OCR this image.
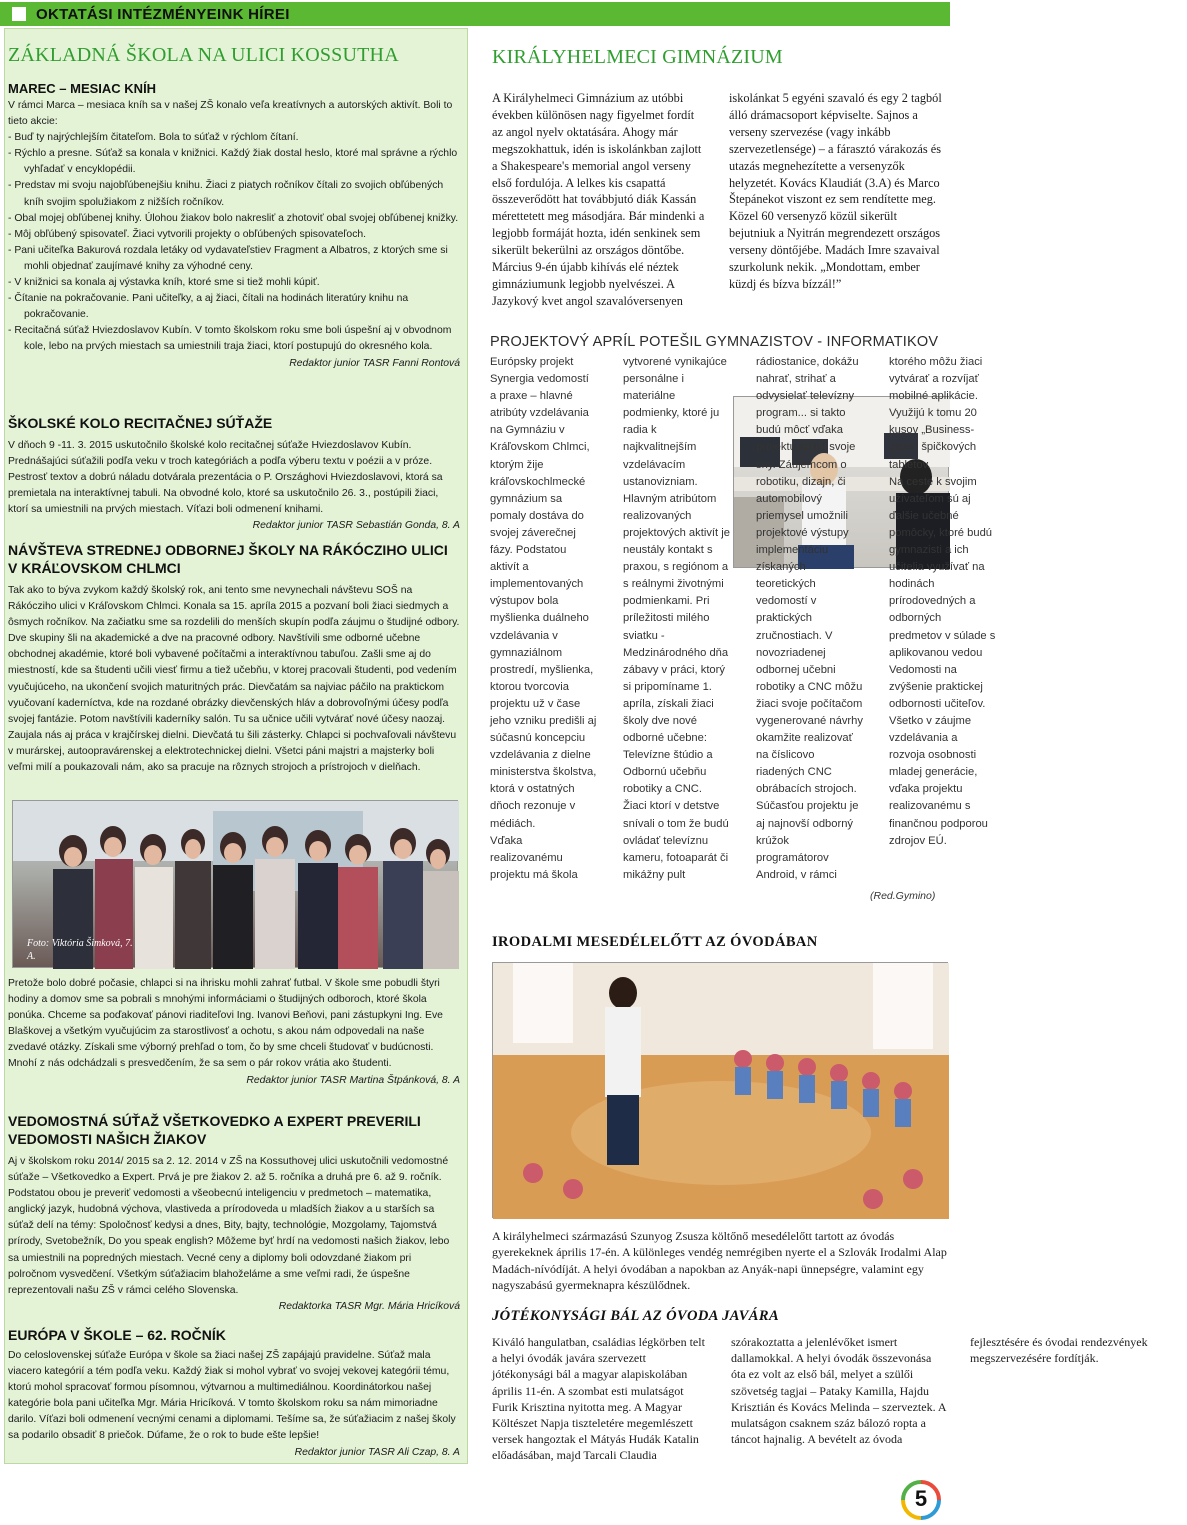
OKTATÁSI INTÉZMÉNYEINK HÍREI
ZÁKLADNÁ ŠKOLA NA ULICI KOSSUTHA
MAREC – MESIAC KNÍH
V rámci Marca – mesiaca kníh sa v našej ZŠ konalo veľa kreatívnych a autorských aktivít. Boli to tieto akcie:
- Buď ty najrýchlejším čitateľom. Bola to súťaž v rýchlom čítaní.
- Rýchlo a presne. Súťaž sa konala v knižnici. Každý žiak dostal heslo, ktoré mal správne a rýchlo vyhľadať v encyklopédii.
- Predstav mi svoju najobľúbenejšiu knihu. Žiaci z piatych ročníkov čítali zo svojich obľúbených kníh svojim spolužiakom z nižších ročníkov.
- Obal mojej obľúbenej knihy. Úlohou žiakov bolo nakresliť a zhotoviť obal svojej obľúbenej knižky.
- Môj obľúbený spisovateľ. Žiaci vytvorili projekty o obľúbených spisovateľoch.
- Pani učiteľka Bakurová rozdala letáky od vydavateľstiev Fragment a Albatros, z ktorých sme si mohli objednať zaujímavé knihy za výhodné ceny.
- V knižnici sa konala aj výstavka kníh, ktoré sme si tiež mohli kúpiť.
- Čítanie na pokračovanie. Pani učiteľky, a aj žiaci, čítali na hodinách literatúry knihu na pokračovanie.
- Recitačná súťaž Hviezdoslavov Kubín. V tomto školskom roku sme boli úspešní aj v obvodnom kole, lebo na prvých miestach sa umiestnili traja žiaci, ktorí postupujú do okresného kola.
Redaktor junior TASR Fanni Rontová
ŠKOLSKÉ KOLO RECITAČNEJ SÚŤAŽE
V dňoch 9 -11. 3. 2015 uskutočnilo školské kolo recitačnej súťaže Hviezdoslavov Kubín. Prednášajúci súťažili podľa veku v troch kategóriách a podľa výberu textu v poézii a v próze. Pestrosť textov a dobrú náladu dotvárala prezentácia o P. Országhovi Hviezdoslavovi, ktorá sa premietala na interaktívnej tabuli. Na obvodné kolo, ktoré sa uskutočnilo 26. 3., postúpili žiaci, ktorí sa umiestnili na prvých miestach. Víťazi boli odmenení knihami.
Redaktor junior TASR Sebastián Gonda, 8. A
NÁVŠTEVA STREDNEJ ODBORNEJ ŠKOLY NA RÁKÓCZIHO ULICI V KRÁĽOVSKOM CHLMCI
Tak ako to býva zvykom každý školský rok, ani tento sme nevynechali návštevu SOŠ na Rákócziho ulici v Kráľovskom Chlmci. Konala sa 15. apríla 2015 a pozvaní boli žiaci siedmych a ôsmych ročníkov. Na začiatku sme sa rozdelili do menších skupín podľa záujmu o študijné odbory. Dve skupiny šli na akademické a dve na pracovné odbory. Navštívili sme odborné učebne obchodnej akadémie, ktoré boli vybavené počítačmi a interaktívnou tabuľou. Zašli sme aj do miestností, kde sa študenti učili viesť firmu a tiež učebňu, v ktorej pracovali študenti, pod vedením vyučujúceho, na ukončení svojich maturitných prác. Dievčatám sa najviac páčilo na praktickom vyučovaní kaderníctva, kde na rozdané obrázky dievčenských hláv a dobrovoľnými účesy podľa svojej fantázie. Potom navštívili kaderníky salón. Tu sa učnice učili vytvárať nové účesy naozaj. Zaujala nás aj práca v krajčírskej dielni. Dievčatá tu šili zásterky. Chlapci si pochvaľovali návštevu v murárskej, autoopravárenskej a elektrotechnickej dielni. Všetci páni majstri a majsterky boli veľmi milí a poukazovali nám, ako sa pracuje na rôznych strojoch a prístrojoch v dielňach.
Foto: Viktória Šimková, 7. A.
Pretože bolo dobré počasie, chlapci si na ihrisku mohli zahrať futbal. V škole sme pobudli štyri hodiny a domov sme sa pobrali s mnohými informáciami o študijných odboroch, ktoré škola ponúka. Chceme sa poďakovať pánovi riaditeľovi Ing. Ivanovi Beňovi, pani zástupkyni Ing. Eve Blaškovej a všetkým vyučujúcim za starostlivosť a ochotu, s akou nám odpovedali na naše zvedavé otázky. Získali sme výborný prehľad o tom, čo by sme chceli študovať v budúcnosti. Mnohí z nás odchádzali s presvedčením, že sa sem o pár rokov vrátia ako študenti.
Redaktor junior TASR Martina Štpánková, 8. A
VEDOMOSTNÁ SÚŤAŽ VŠETKOVEDKO A EXPERT PREVERILI VEDOMOSTI NAŠICH ŽIAKOV
Aj v školskom roku 2014/ 2015 sa 2. 12. 2014 v ZŠ na Kossuthovej ulici uskutočnili vedomostné súťaže – Všetkovedko a Expert. Prvá je pre žiakov 2. až 5. ročníka a druhá pre 6. až 9. ročník. Podstatou obou je preveriť vedomosti a všeobecnú inteligenciu v predmetoch – matematika, anglický jazyk, hudobná výchova, vlastiveda a prírodoveda u mladších žiakov a u starších sa súťaž delí na témy: Spoločnosť kedysi a dnes, Bity, bajty, technológie, Mozgolamy, Tajomstvá prírody, Svetobežník, Do you speak english? Môžeme byť hrdí na vedomosti našich žiakov, lebo sa umiestnili na popredných miestach. Vecné ceny a diplomy boli odovzdané žiakom pri polročnom vysvedčení. Všetkým súťažiacim blahoželáme a sme veľmi radi, že úspešne reprezentovali našu ZŠ v rámci celého Slovenska.
Redaktorka TASR Mgr. Mária Hricíková
EURÓPA V ŠKOLE – 62. ROČNÍK
Do celoslovenskej súťaže Európa v škole sa žiaci našej ZŠ zapájajú pravidelne. Súťaž mala viacero kategórií a tém podľa veku. Každý žiak si mohol vybrať vo svojej vekovej kategórii tému, ktorú mohol spracovať formou písomnou, výtvarnou a multimediálnou. Koordinátorkou našej kategórie bola pani učiteľka Mgr. Mária Hricíková. V tomto školskom roku sa nám mimoriadne darilo. Víťazi boli odmenení vecnými cenami a diplomami. Tešíme sa, že súťažiacim z našej školy sa podarilo obsadiť 8 priečok. Dúfame, že o rok to bude ešte lepšie!
Redaktor junior TASR Ali Czap, 8. A
KIRÁLYHELMECI GIMNÁZIUM
A Királyhelmeci Gimnázium az utóbbi években különösen nagy figyelmet fordít az angol nyelv oktatására. Ahogy már megszokhattuk, idén is iskolánkban zajlott a Shakespeare's memorial angol verseny első fordulója. A lelkes kis csapattá összeverődött hat továbbjutó diák Kassán mérettetett meg másodjára. Bár mindenki a legjobb formáját hozta, idén senkinek sem sikerült bekerülni az országos döntőbe.
Március 9-én újabb kihívás elé néztek gimnáziumunk legjobb nyelvészei. A Jazykový kvet angol szavalóversenyen iskolánkat 5 egyéni szavaló és egy 2 tagból álló drámacsoport képviselte. Sajnos a verseny szervezése (vagy inkább szervezetlensége) – a fárasztó várakozás és utazás megnehezítette a versenyzők helyzetét. Kovács Klaudiát (3.A) és Marco Štepánekot viszont ez sem rendítette meg. Közel 60 versenyző közül sikerült bejutniuk a Nyitrán megrendezett országos verseny döntőjébe. Madách Imre szavaival szurkolunk nekik. „Mondottam, ember küzdj és bízva bízzál!”
PROJEKTOVÝ APRÍL POTEŠIL GYMNAZISTOV - INFORMATIKOV
Európsky projekt Synergia vedomostí a praxe – hlavné atribúty vzdelávania na Gymnáziu v Kráľovskom Chlmci, ktorým žije kráľovskochlmecké gymnázium sa pomaly dostáva do svojej záverečnej fázy. Podstatou aktivít a implementovaných výstupov bola myšlienka duálneho vzdelávania v gymnaziálnom prostredí, myšlienka, ktorou tvorcovia projektu už v čase jeho vzniku predišli aj súčasnú koncepciu vzdelávania z dielne ministerstva školstva, ktorá v ostatných dňoch rezonuje v médiách.
Vďaka realizovanému projektu má škola vytvorené vynikajúce personálne i materiálne podmienky, ktoré ju radia k najkvalitnejším vzdelávacím ustanovizniam. Hlavným atribútom realizovaných projektových aktivít je neustály kontakt s praxou, s regiónom a s reálnymi životnými podmienkami. Pri príležitosti milého sviatku - Medzinárodného dňa zábavy v práci, ktorý si pripomíname 1. apríla, získali žiaci školy dve nové odborné učebne: Televízne štúdio a Odbornú učebňu robotiky a CNC.
Žiaci ktorí v detstve snívali o tom že budú ovládať televíznu kameru, fotoaparát či mikážny pult rádiostanice, dokážu nahrať, strihať a odvysielať televízny program... si takto budú môcť vďaka projektu splniť svoje sny. Záujemcom o robotiku, dizajn, či automobilový priemysel umožnili projektové výstupy implementáciu získaných teoretických vedomostí v praktických zručnostiach. V novozriadenej odbornej učebni robotiky a CNC môžu žiaci svoje počítačom vygenerované návrhy okamžite realizovať na číslicovo riadených CNC obrábacích strojoch. Súčasťou projektu je aj najnovší odborný krúžok programátorov Android, v rámci ktorého môžu žiaci vytvárať a rozvíjať mobilné aplikácie. Využijú k 20 kusov „Business-class” tabletov.
Na ceste k svojim užívateľom sú aj ďalšie učebné pomôcky, ktoré budú gymnazisti ich učitelia využívať na hodinách prírodovedných a odborných predmetov v súlade s aplikovanou vedou Vedomosti na zvýšenie praktickej odbornosti učiteľov. Všetko v záujme vzdelávania a rozvoja osobnosti mladej generácie, vďaka projektu realizovanému s finančnou podporou zdrojov EÚ.
(Red.Gymino)
IRODALMI MESEDÉLELŐTT AZ ÓVODÁBAN
A királyhelmeci származású Szunyog Zsusza költőnő mesedélelőtt tartott az óvodás gyerekeknek április 17-én. A különleges vendég nemrégiben nyerte el a Szlovák Irodalmi Alap Madách-nívódíját. A helyi óvodában a napokban az Anyák-napi ünnepségre, valamint egy nagyszabású gyermeknapra készülődnek.
JÓTÉKONYSÁGI BÁL AZ ÓVODA JAVÁRA
Kiváló hangulatban, családias légkörben telt a helyi óvodák javára szervezett jótékonysági bál a magyar alapiskolában április 11-én. A szombat esti mulatságot Furik Krisztina nyitotta meg. A Magyar Költészet Napja tiszteletére megemlészett versek hangoztak el Mátyás Hudák Katalin előadásában, majd Tarcali Claudia szórakoztatta a jelenlévőket ismert dallamokkal. A helyi óvodák összevonása óta ez volt az első bál, melyet a szülői szövetség tagjai – Pataky Kamilla, Hajdu Krisztián és Kovács Melinda – szerveztek. A mulatságon csaknem száz bálozó ropta a táncot hajnalig. A bevételt az óvoda fejlesztésére és óvodai rendezvények megszervezésére fordítják.
5
